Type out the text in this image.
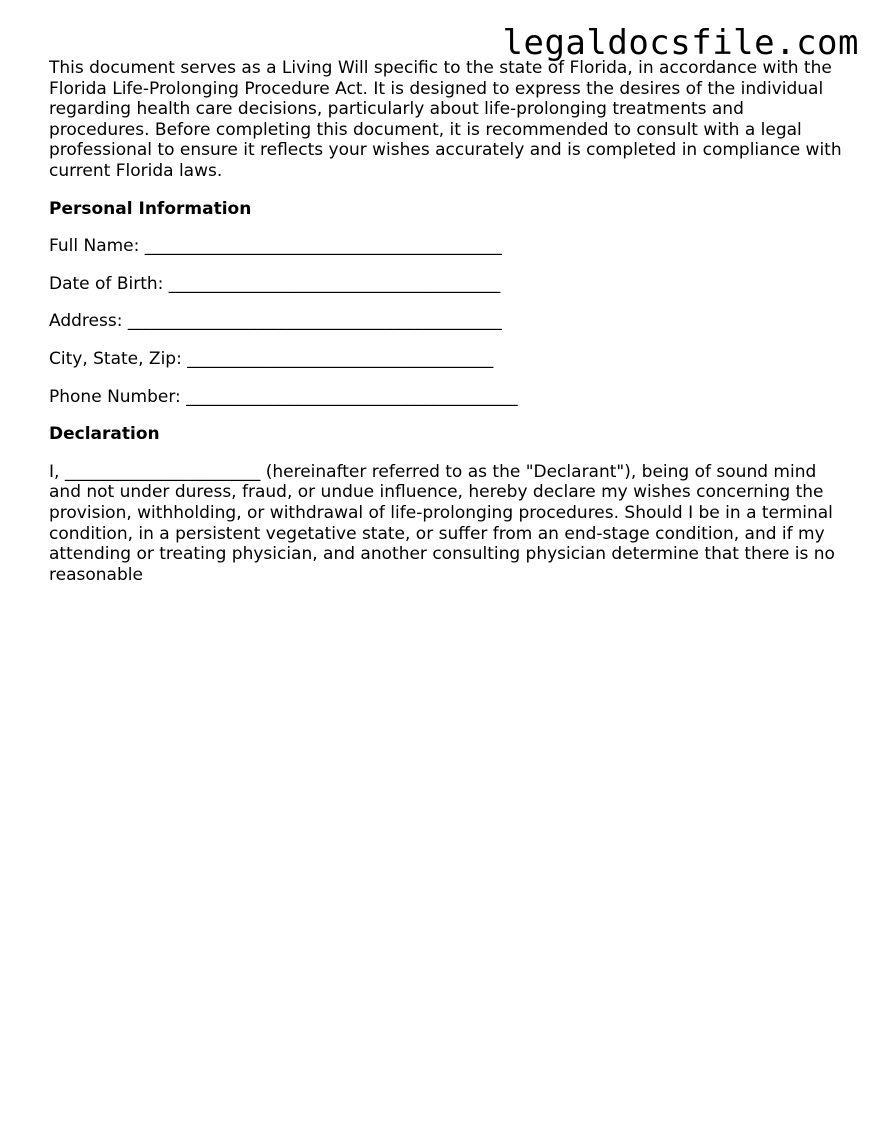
legaldocsfile.com

This document serves as a Living Will specific to the state of Florida, in accordance with the Florida Life-Prolonging Procedure Act. It is designed to express the desires of the individual regarding health care decisions, particularly about life-prolonging treatments and procedures. Before completing this document, it is recommended to consult with a legal professional to ensure it reflects your wishes accurately and is completed in compliance with current Florida laws.

Personal Information

Full Name: __________________________________________

Date of Birth: _______________________________________

Address: ____________________________________________

City, State, Zip: ____________________________________

Phone Number: _______________________________________

Declaration

I, _______________________ (hereinafter referred to as the "Declarant"), being of sound mind and not under duress, fraud, or undue influence, hereby declare my wishes concerning the provision, withholding, or withdrawal of life-prolonging procedures. Should I be in a terminal condition, in a persistent vegetative state, or suffer from an end-stage condition, and if my attending or treating physician, and another consulting physician determine that there is no reasonable
